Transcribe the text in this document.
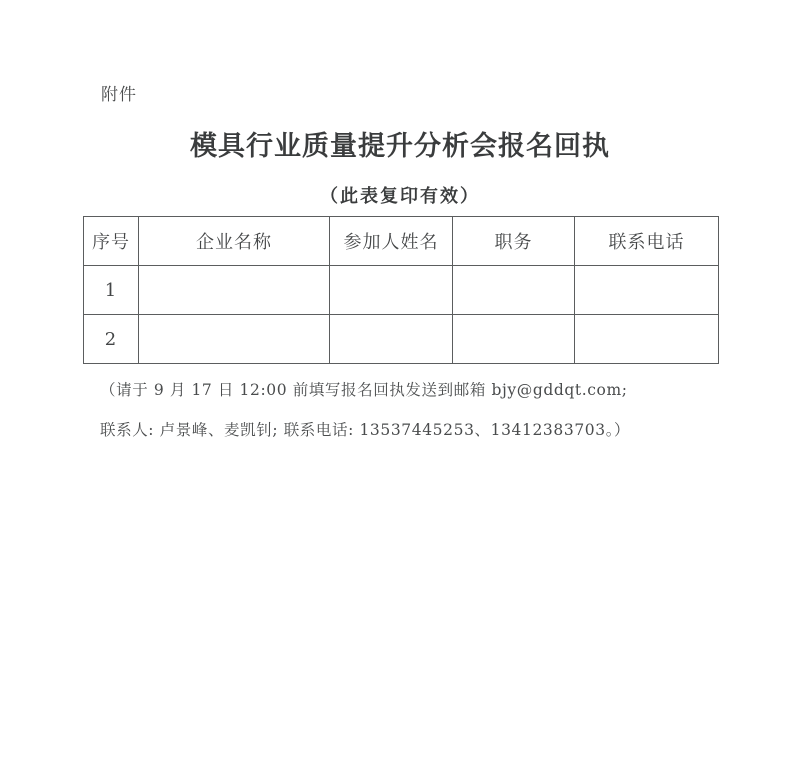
附件
模具行业质量提升分析会报名回执
（此表复印有效）
序号	企业名称	参加人姓名	职务	联系电话
1				
2				
（请于 9 月 17 日 12:00 前填写报名回执发送到邮箱 bjy@gddqt.com;
联系人: 卢景峰、麦凯钊; 联系电话: 13537445253、13412383703。）
